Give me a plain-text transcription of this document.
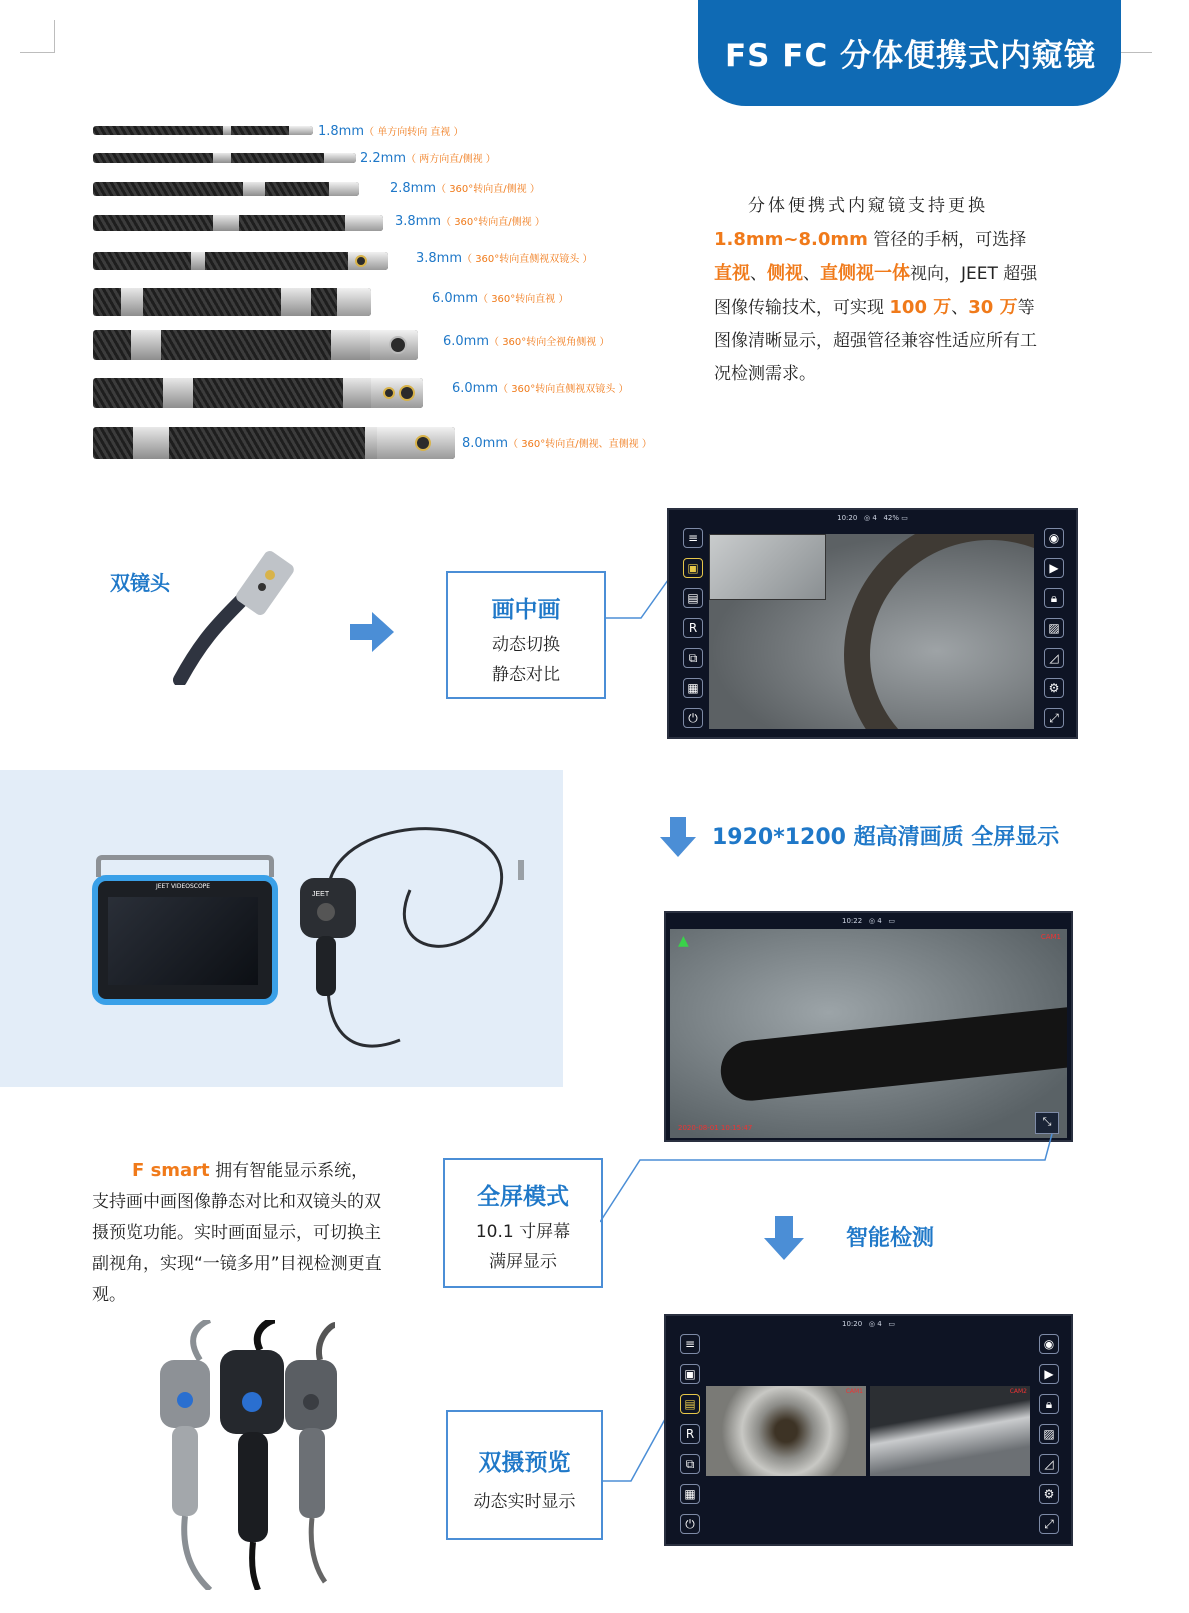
FS FC 分体便携式内窥镜
1.8mm（ 单方向转向 直视 ）
2.2mm（ 两方向直/侧视 ）
2.8mm（ 360°转向直/侧视 ）
3.8mm（ 360°转向直/侧视 ）
3.8mm（ 360°转向直侧视双镜头 ）
6.0mm（ 360°转向直视 ）
6.0mm（ 360°转向全视角侧视 ）
6.0mm（ 360°转向直侧视双镜头 ）
8.0mm（ 360°转向直/侧视、直侧视 ）
分体便携式内窥镜支持更换
1.8mm~8.0mm 管径的手柄，可选择
直视、侧视、直侧视一体视向，JEET 超强图像传输技术，可实现 100 万、30 万等图像清晰显示，超强管径兼容性适应所有工况检测需求。
双镜头
画中画
动态切换
静态对比
10:20   ◎ 4 42% ▭
≡
▣
▤
R
⧉
▦
⏻
◉
▶
🔒︎
▨
◿
⚙
⤢
JEET VIDEOSCOPE
JEET
1920*1200 超高清画质 全屏显示
10:22   ◎ 4   ▭
▲	CAM1
2020-08-01 10:15:47	⤡
全屏模式
10.1 寸屏幕
满屏显示
智能检测
F smart 拥有智能显示系统，支持画中画图像静态对比和双镜头的双摄预览功能。实时画面显示，可切换主副视角，实现“一镜多用”目视检测更直观。
双摄预览
动态实时显示
10:20   ◎ 4   ▭
CAM1	CAM2
≡
▣
▤
R
⧉
▦
⏻
◉
▶
🔒︎
▨
◿
⚙
⤢
